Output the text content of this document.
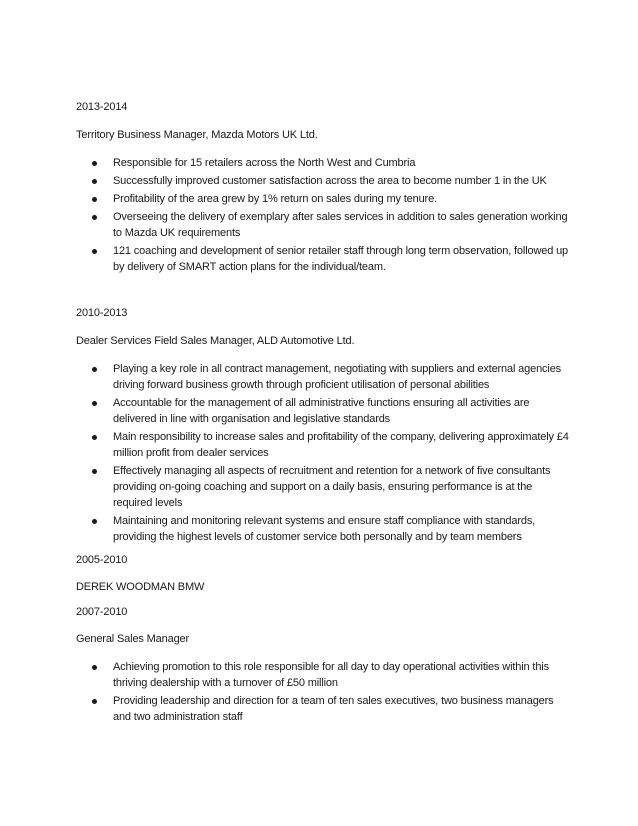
2013-2014
Territory Business Manager, Mazda Motors UK Ltd.
Responsible for 15 retailers across the North West and Cumbria
Successfully improved customer satisfaction across the area to become number 1 in the UK
Profitability of the area grew by 1% return on sales during my tenure.
Overseeing the delivery of exemplary after sales services in addition to sales generation working to Mazda UK requirements
121 coaching and development of senior retailer staff through long term observation, followed up by delivery of SMART action plans for the individual/team.
2010-2013
Dealer Services Field Sales Manager, ALD Automotive Ltd.
Playing a key role in all contract management, negotiating with suppliers and external agencies driving forward business growth through proficient utilisation of personal abilities
Accountable for the management of all administrative functions ensuring all activities are delivered in line with organisation and legislative standards
Main responsibility to increase sales and profitability of the company, delivering approximately £4 million profit from dealer services
Effectively managing all aspects of recruitment and retention for a network of five consultants providing on-going coaching and support on a daily basis, ensuring performance is at the required levels
Maintaining and monitoring relevant systems and ensure staff compliance with standards, providing the highest levels of customer service both personally and by team members
2005-2010
DEREK WOODMAN BMW
2007-2010
General Sales Manager
Achieving promotion to this role responsible for all day to day operational activities within this thriving dealership with a turnover of £50 million
Providing leadership and direction for a team of ten sales executives, two business managers and two administration staff
